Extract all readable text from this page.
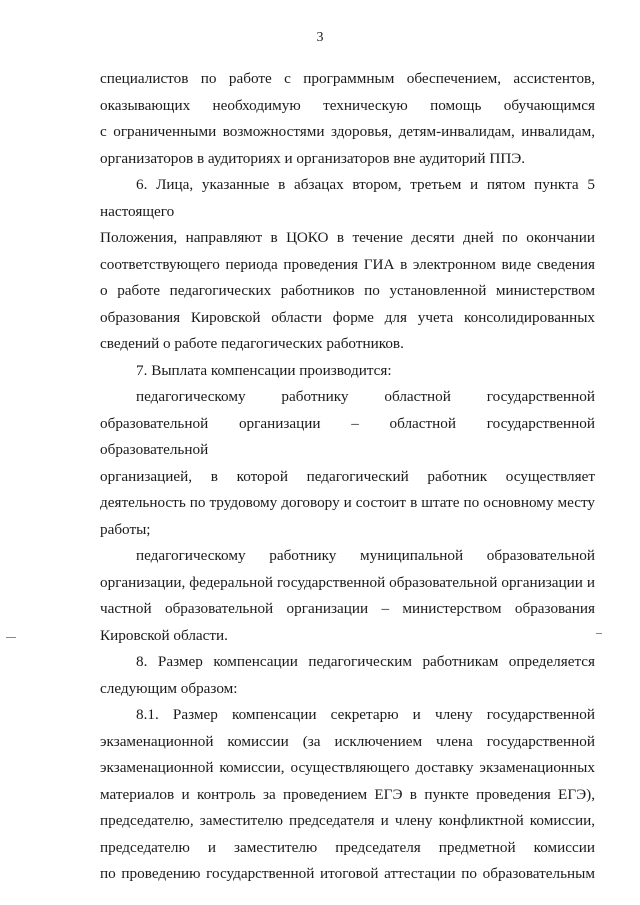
3

специалистов по работе с программным обеспечением, ассистентов,

оказывающих необходимую техническую помощь обучающимся

с ограниченными возможностями здоровья, детям-инвалидам, инвалидам,

организаторов в аудиториях и организаторов вне аудиторий ППЭ.

6. Лица, указанные в абзацах втором, третьем и пятом пункта 5 настоящего

Положения, направляют в ЦОКО в течение десяти дней по окончании

соответствующего периода проведения ГИА в электронном виде сведения

о работе педагогических работников по установленной министерством

образования Кировской области форме для учета консолидированных

сведений о работе педагогических работников.

7. Выплата компенсации производится:

педагогическому работнику областной государственной

образовательной организации – областной государственной образовательной

организацией, в которой педагогический работник осуществляет

деятельность по трудовому договору и состоит в штате по основному месту

работы;

педагогическому работнику муниципальной образовательной

организации, федеральной государственной образовательной организации и

частной образовательной организации – министерством образования

Кировской области.

8. Размер компенсации педагогическим работникам определяется

следующим образом:

8.1. Размер компенсации секретарю и члену государственной

экзаменационной комиссии (за исключением члена государственной

экзаменационной комиссии, осуществляющего доставку экзаменационных

материалов и контроль за проведением ЕГЭ в пункте проведения ЕГЭ),

председателю, заместителю председателя и члену конфликтной комиссии,

председателю и заместителю председателя предметной комиссии

по проведению государственной итоговой аттестации по образовательным
